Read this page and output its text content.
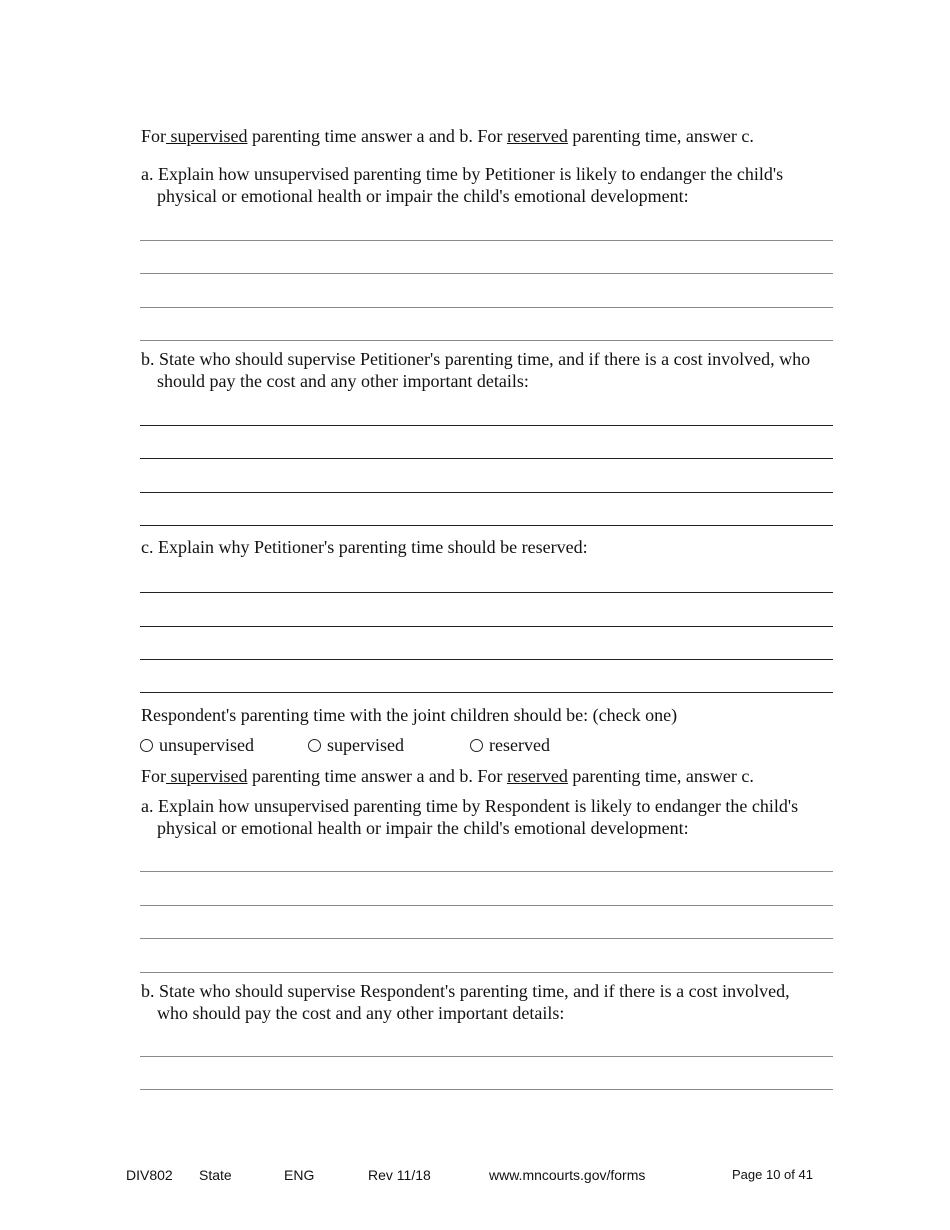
For supervised parenting time answer a and b. For reserved parenting time, answer c.
a. Explain how unsupervised parenting time by Petitioner is likely to endanger the child's
physical or emotional health or impair the child's emotional development:
b. State who should supervise Petitioner's parenting time, and if there is a cost involved, who
should pay the cost and any other important details:
c. Explain why Petitioner's parenting time should be reserved:
Respondent's parenting time with the joint children should be: (check one)
unsupervised	supervised	reserved
For supervised parenting time answer a and b. For reserved parenting time, answer c.
a. Explain how unsupervised parenting time by Respondent is likely to endanger the child's
physical or emotional health or impair the child's emotional development:
b. State who should supervise Respondent's parenting time, and if there is a cost involved,
who should pay the cost and any other important details:
DIV802 State	ENG	Rev 11/18	www.mncourts.gov/forms	Page 10 of 41
